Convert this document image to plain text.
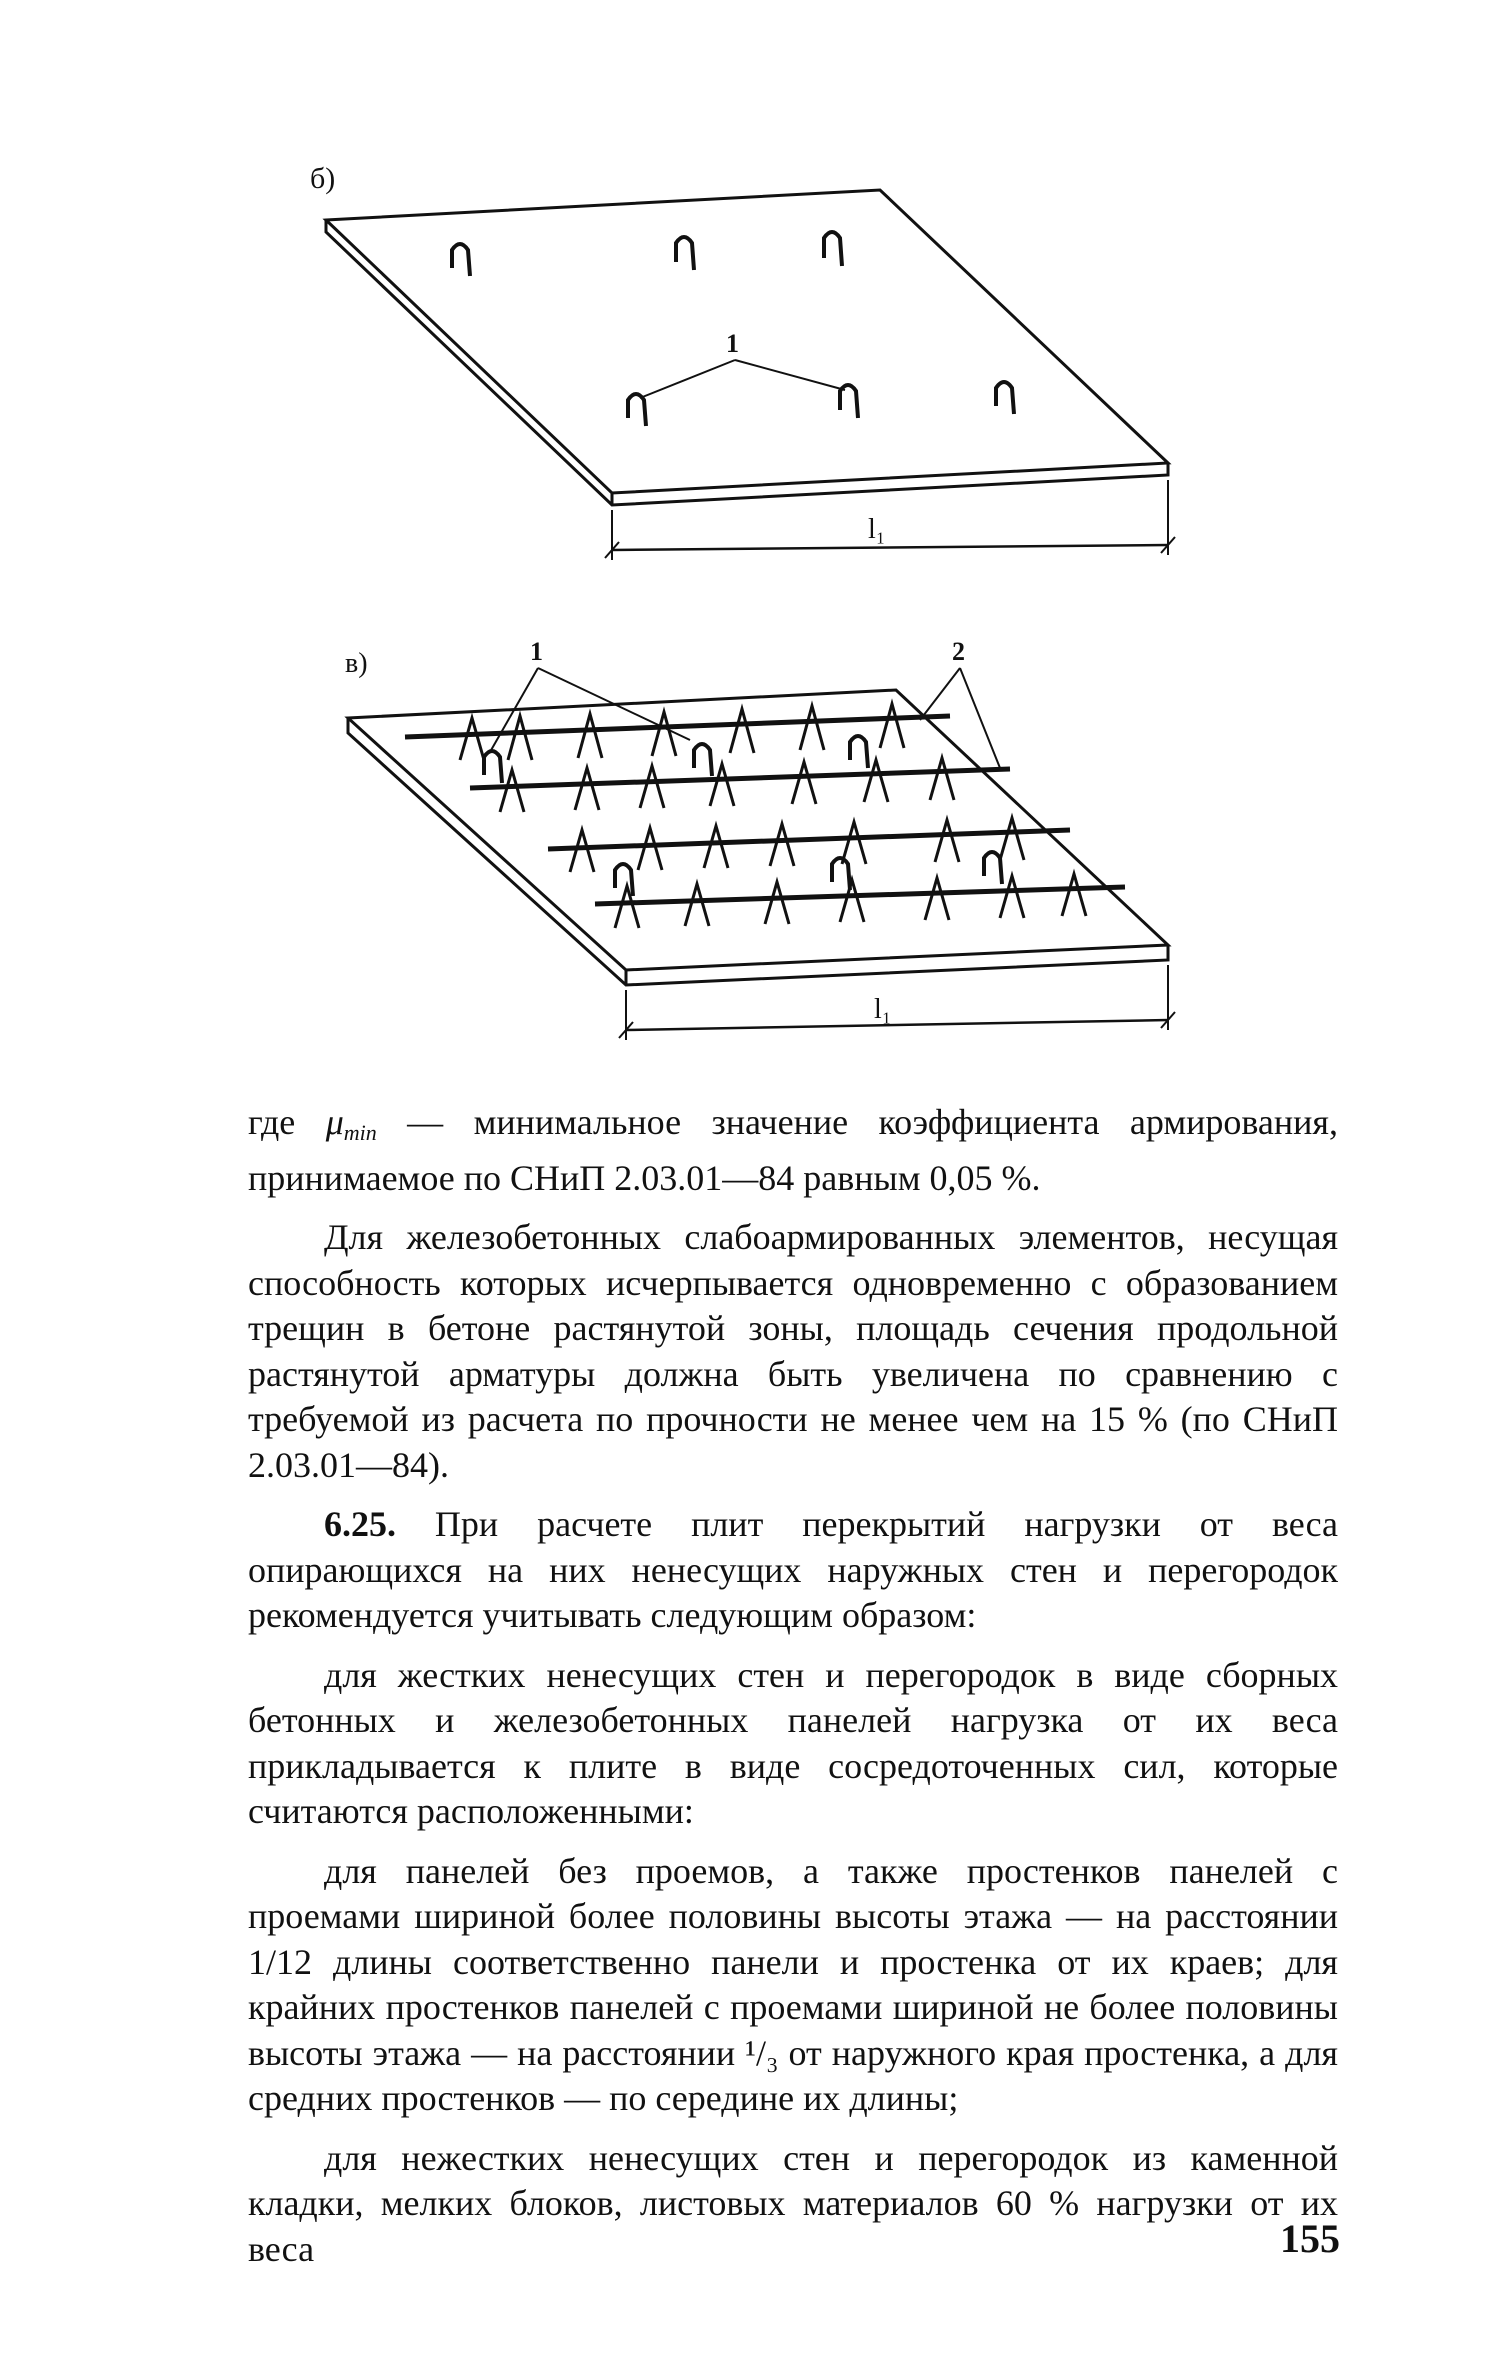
б)
1
l₁
в)	1	2
l₁

где $\mu_{min}$ — минимальное значение коэффициента армирования, принимаемое по СНиП 2.03.01—84 равным 0,05 %.

Для железобетонных слабоармированных элементов, несущая способность которых исчерпывается одновременно с образованием трещин в бетоне растянутой зоны, площадь сечения продольной растянутой арматуры должна быть увеличена по сравнению с требуемой из расчета по прочности не менее чем на 15 % (по СНиП 2.03.01—84).

6.25. При расчете плит перекрытий нагрузки от веса опирающихся на них ненесущих наружных стен и перегородок рекомендуется учитывать следующим образом:

для жестких ненесущих стен и перегородок в виде сборных бетонных и железобетонных панелей нагрузка от их веса прикладывается к плите в виде сосредоточенных сил, которые считаются расположенными:

для панелей без проемов, а также простенков панелей с проемами шириной более половины высоты этажа — на расстоянии 1/12 длины соответственно панели и простенка от их краев; для крайних простенков панелей с проемами шириной не более половины высоты этажа — на расстоянии ¹/₃ от наружного края простенка, а для средних простенков — по середине их длины;

для нежестких ненесущих стен и перегородок из каменной кладки, мелких блоков, листовых материалов 60 % нагрузки от их веса	155
